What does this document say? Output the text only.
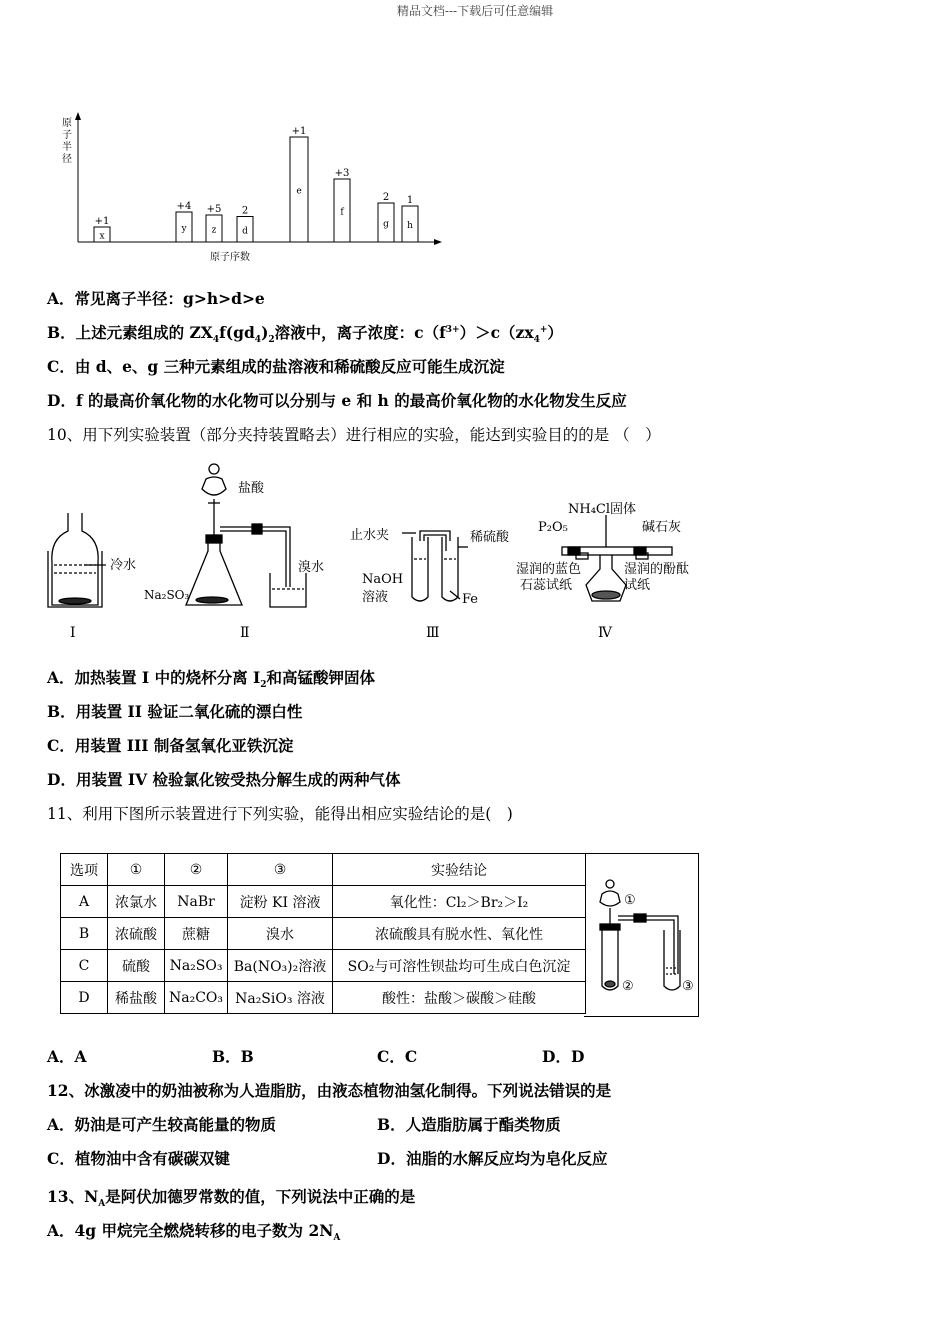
精品文档---下载后可任意编辑
原
子
半
径
原子序数
x
+1
y
+4
z
+5
d
2
e
+1
f
+3
g
2
h
1
A．常见离子半径：g>h>d>e
B．上述元素组成的 $ZX_4f(gd_4)_2$溶液中，离子浓度：$c(f^{3+})>c(zx_4^+)$
C．由 d、e、g 三种元素组成的盐溶液和稀硫酸反应可能生成沉淀
D．f 的最高价氧化物的水化物可以分别与 e 和 h 的最高价氧化物的水化物发生反应
10、用下列实验装置（部分夹持装置略去）进行相应的实验，能达到实验目的的是 （　）
冷水
Ⅰ
盐酸
Na₂SO₃
溴水
Ⅱ
止水夹	稀硫酸
NaOH
溶液	Fe
Ⅲ
NH₄Cl固体
P₂O₅	碱石灰
湿润的蓝色
石蕊试纸
湿润的酚酞
试纸
Ⅳ
A．加热装置 I 中的烧杯分离 $I_2$和高锰酸钾固体
B．用装置 II 验证二氧化硫的漂白性
C．用装置 III 制备氢氧化亚铁沉淀
D．用装置 IV 检验氯化铵受热分解生成的两种气体
11、利用下图所示装置进行下列实验，能得出相应实验结论的是(　)
选项	①	②	③	实验结论
A	浓氯水	NaBr	淀粉 KI 溶液	氧化性：Cl₂＞Br₂＞I₂
B	浓硫酸	蔗糖	溴水	浓硫酸具有脱水性、氧化性
C	硫酸	Na₂SO₃	Ba(NO₃)₂溶液	SO₂与可溶性钡盐均可生成白色沉淀
D	稀盐酸	Na₂CO₃	Na₂SiO₃ 溶液	酸性：盐酸＞碳酸＞硅酸
①
②	③
A．A	B．B	C．C	D．D
12、冰激凌中的奶油被称为人造脂肪，由液态植物油氢化制得。下列说法错误的是
A．奶油是可产生较高能量的物质	B．人造脂肪属于酯类物质
C．植物油中含有碳碳双键	D．油脂的水解反应均为皂化反应
13、$N_A$是阿伏加德罗常数的值，下列说法中正确的是
A．4g 甲烷完全燃烧转移的电子数为 $2N_A$
